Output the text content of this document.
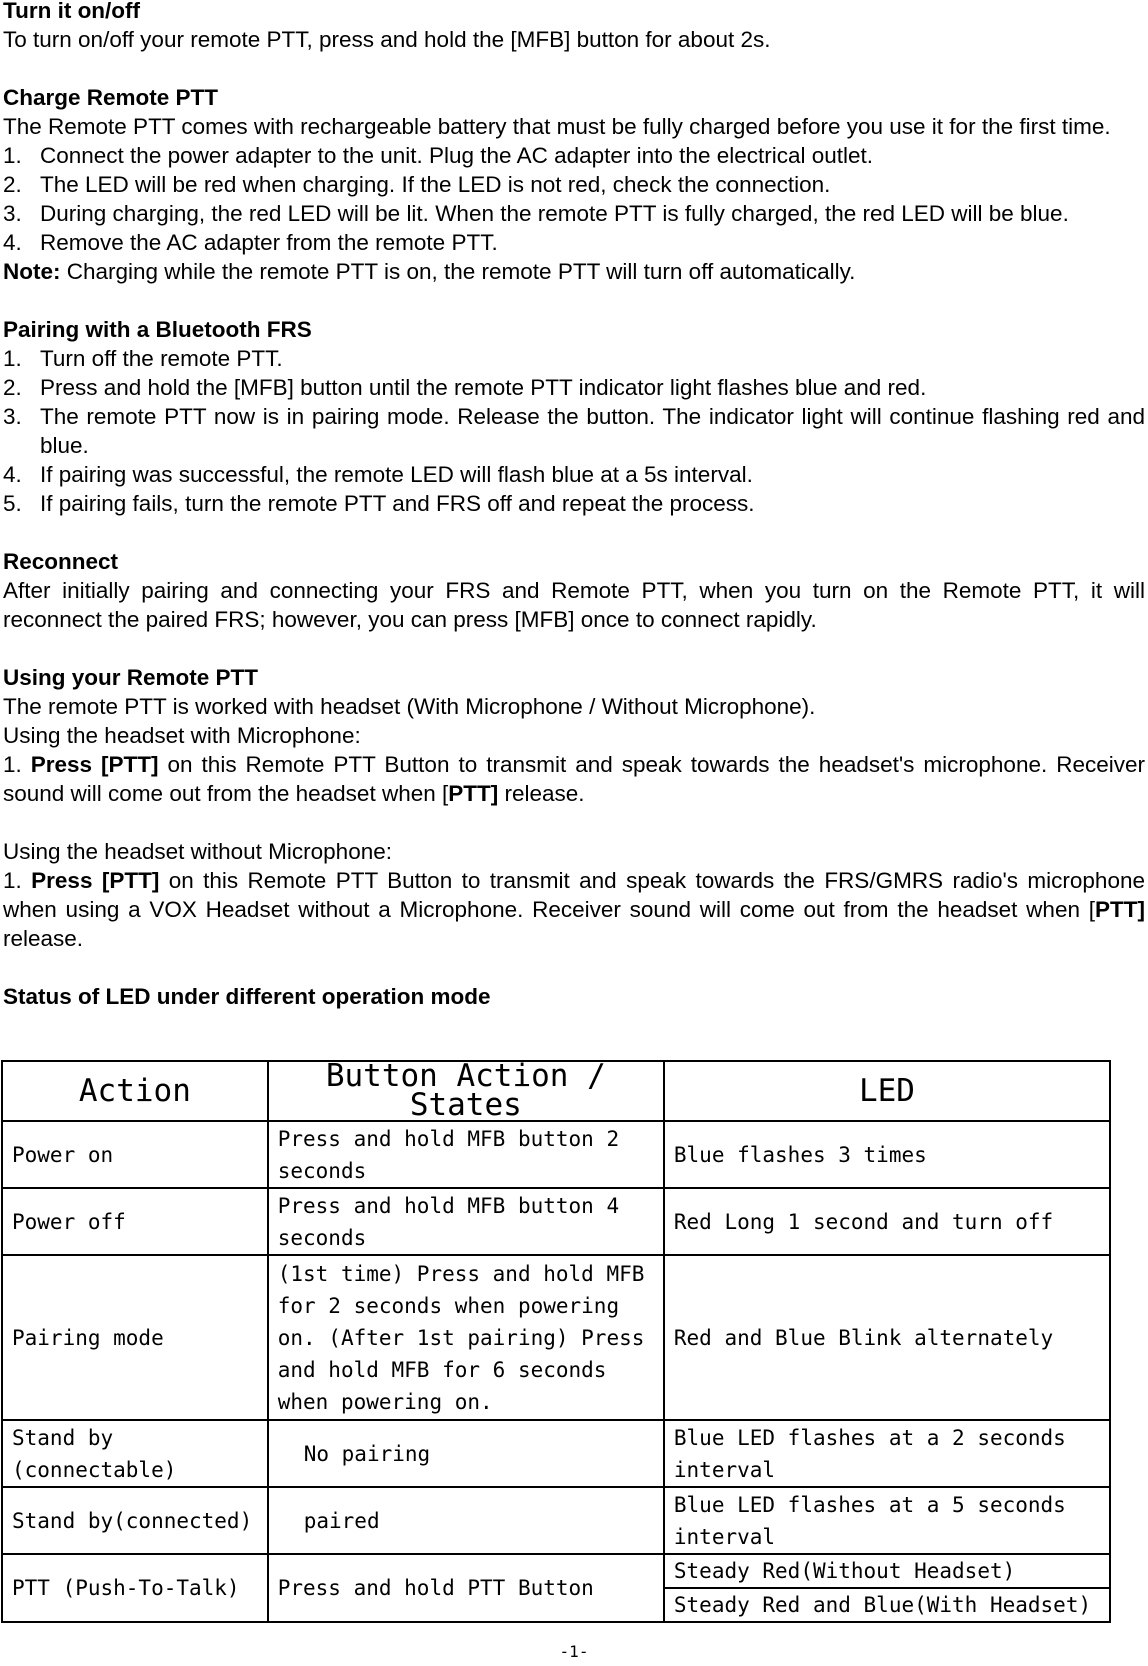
Turn it on/off

To turn on/off your remote PTT, press and hold the [MFB] button for about 2s.

Charge Remote PTT

The Remote PTT comes with rechargeable battery that must be fully charged before you use it for the first time.

1. Connect the power adapter to the unit. Plug the AC adapter into the electrical outlet.
2. The LED will be red when charging. If the LED is not red, check the connection.
3. During charging, the red LED will be lit. When the remote PTT is fully charged, the red LED will be blue.
4. Remove the AC adapter from the remote PTT.

Note: Charging while the remote PTT is on, the remote PTT will turn off automatically.

Pairing with a Bluetooth FRS
1. Turn off the remote PTT.
2. Press and hold the [MFB] button until the remote PTT indicator light flashes blue and red.
3. The remote PTT now is in pairing mode. Release the button. The indicator light will continue flashing red and blue.
4. If pairing was successful, the remote LED will flash blue at a 5s interval.
5. If pairing fails, turn the remote PTT and FRS off and repeat the process.
Reconnect

After initially pairing and connecting your FRS and Remote PTT, when you turn on the Remote PTT, it will reconnect the paired FRS; however, you can press [MFB] once to connect rapidly.

Using your Remote PTT

The remote PTT is worked with headset (With Microphone / Without Microphone).

Using the headset with Microphone:

1. Press [PTT] on this Remote PTT Button to transmit and speak towards the headset's microphone. Receiver sound will come out from the headset when [PTT] release.

Using the headset without Microphone:

1. Press [PTT] on this Remote PTT Button to transmit and speak towards the FRS/GMRS radio's microphone when using a VOX Headset without a Microphone. Receiver sound will come out from the headset when [PTT] release.

Status of LED under different operation mode
Action	Button Action / States	LED
Power on	Press and hold MFB button 2 seconds	Blue flashes 3 times
Power off	Press and hold MFB button 4 seconds	Red Long 1 second and turn off
Pairing mode	(1st time) Press and hold MFB for 2 seconds when powering on. (After 1st pairing) Press and hold MFB for 6 seconds when powering on.	Red and Blue Blink alternately
Stand by (connectable)	No pairing	Blue LED flashes at a 2 seconds interval
Stand by(connected)	paired	Blue LED flashes at a 5 seconds interval
PTT (Push-To-Talk)	Press and hold PTT Button	Steady Red(Without Headset)
		Steady Red and Blue(With Headset)
-1-
